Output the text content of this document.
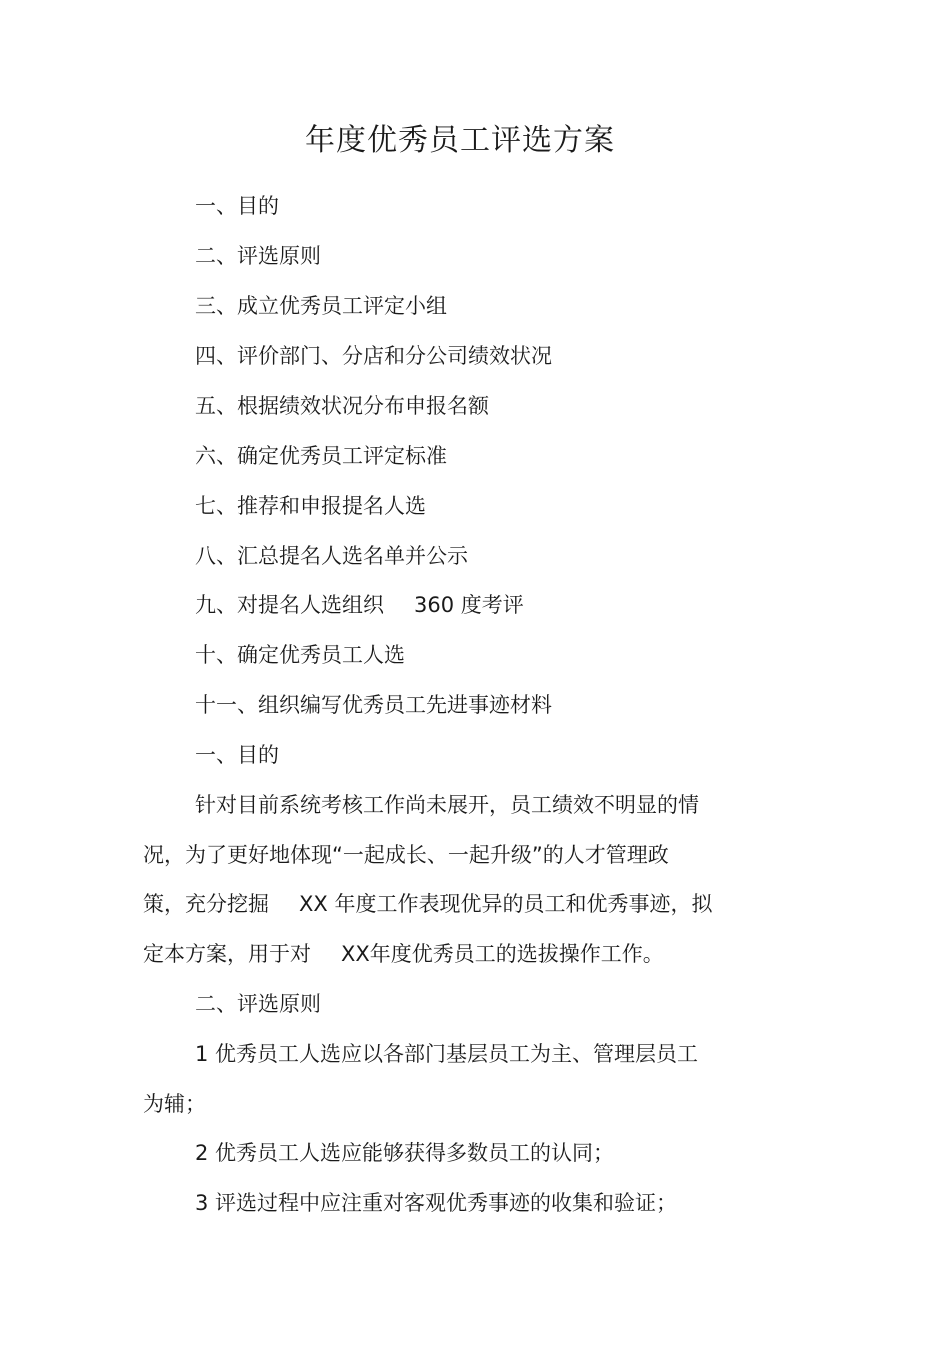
年度优秀员工评选方案
一、目的
二、评选原则
三、成立优秀员工评定小组
四、评价部门、分店和分公司绩效状况
五、根据绩效状况分布申报名额
六、确定优秀员工评定标准
七、推荐和申报提名人选
八、汇总提名人选名单并公示
九、对提名人选组织 360 度考评
十、确定优秀员工人选
十一、组织编写优秀员工先进事迹材料
一、目的
针对目前系统考核工作尚未展开，员工绩效不明显的情
况，为了更好地体现“一起成长、一起升级”的人才管理政
策，充分挖掘 XX 年度工作表现优异的员工和优秀事迹，拟
定本方案，用于对 XX年度优秀员工的选拔操作工作。
二、评选原则
1 优秀员工人选应以各部门基层员工为主、管理层员工
为辅；
2 优秀员工人选应能够获得多数员工的认同；
3 评选过程中应注重对客观优秀事迹的收集和验证；
